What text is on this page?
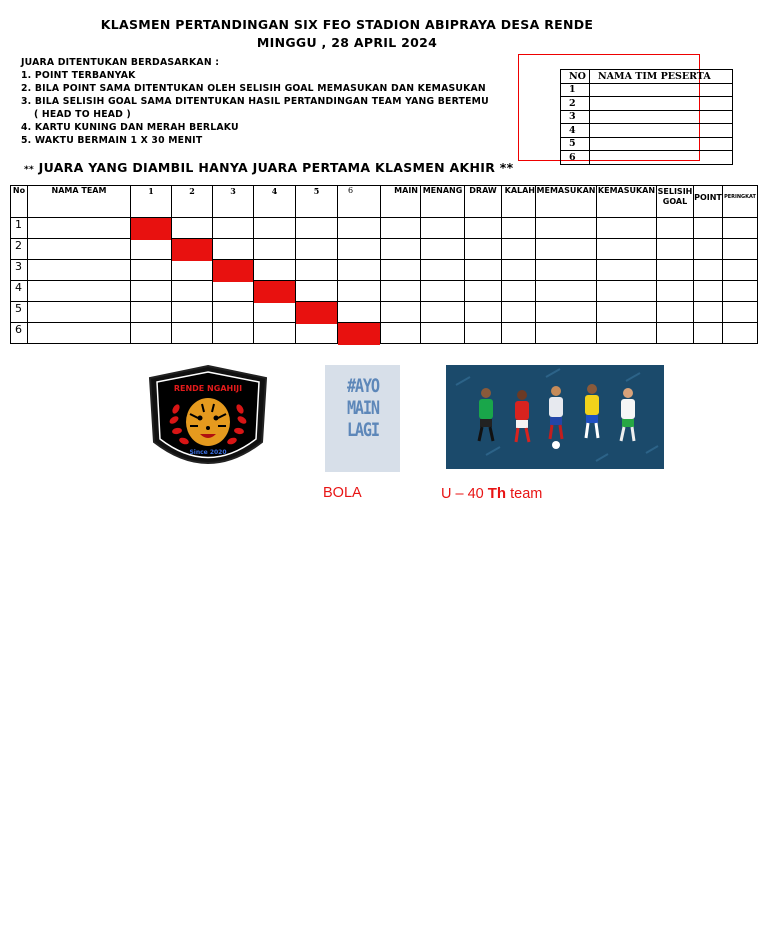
KLASMEN PERTANDINGAN SIX FEO STADION ABIPRAYA DESA RENDE
MINGGU , 28 APRIL 2024
JUARA DITENTUKAN BERDASARKAN :
1. POINT TERBANYAK
2. BILA POINT SAMA DITENTUKAN OLEH SELISIH GOAL MEMASUKAN DAN KEMASUKAN
3. BILA SELISIH GOAL SAMA DITENTUKAN HASIL PERTANDINGAN TEAM YANG BERTEMU
( HEAD TO HEAD )
4. KARTU KUNING DAN MERAH BERLAKU
5. WAKTU BERMAIN 1 X 30 MENIT
** JUARA YANG DIAMBIL HANYA JUARA PERTAMA KLASMEN AKHIR **
NO	NAMA TIM PESERTA
1	
2	
3	
4	
5	
6	
No	NAMA TEAM	1	2	3	4	5	6	MAIN	MENANG	DRAW	KALAH	MEMASUKAN	KEMASUKAN	SELISIH GOAL	POINT	PERINGKAT
1																
2																
3																
4																
5																
6																
RENDE NGAHIJI
Since 2020
#AYO
MAIN
LAGI
BOLA	U – 40 Th team
